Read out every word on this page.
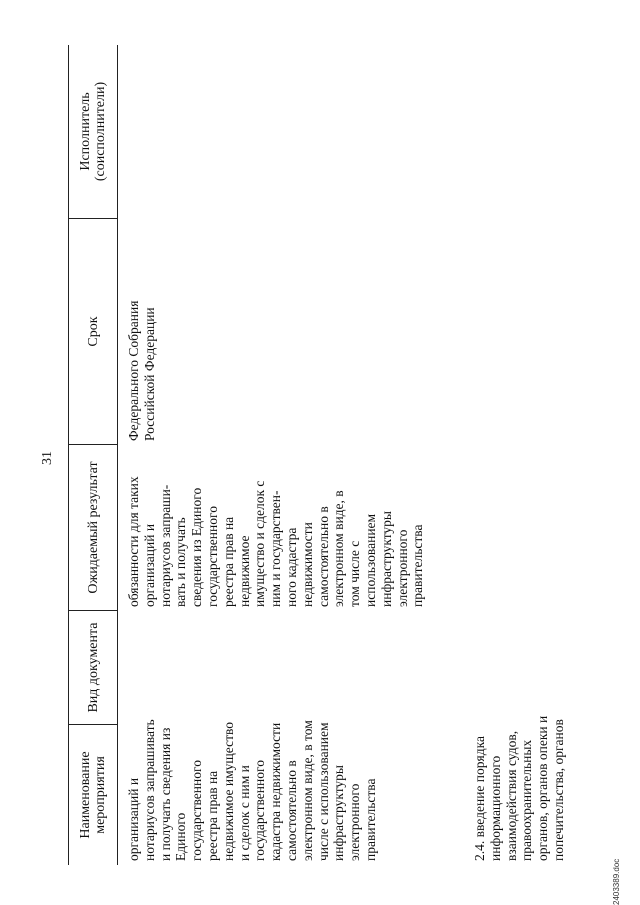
31
Наименование мероприятия
Вид документа
Ожидаемый результат
Срок
Исполнитель (соисполнители)
организаций и
нотариусов запрашивать
и получать сведения из
Единого
государственного
реестра прав на
недвижимое имущество
и сделок с ним и
государственного
кадастра недвижимости
самостоятельно в
электронном виде, в том
числе с использованием
инфраструктуры
электронного
правительства
обязанности для таких
организаций и
нотариусов запраши-
вать и получать
сведения из Единого
государственного
реестра прав на
недвижимое
имущество и сделок с
ним и государствен-
ного кадастра
недвижимости
самостоятельно в
электронном виде, в
том числе с
использованием
инфраструктуры
электронного
правительства
Федерального Собрания
Российской Федерации
2.4. введение порядка
информационного
взаимодействия судов,
правоохранительных
органов, органов опеки и
попечительства, органов
2403389.doc
